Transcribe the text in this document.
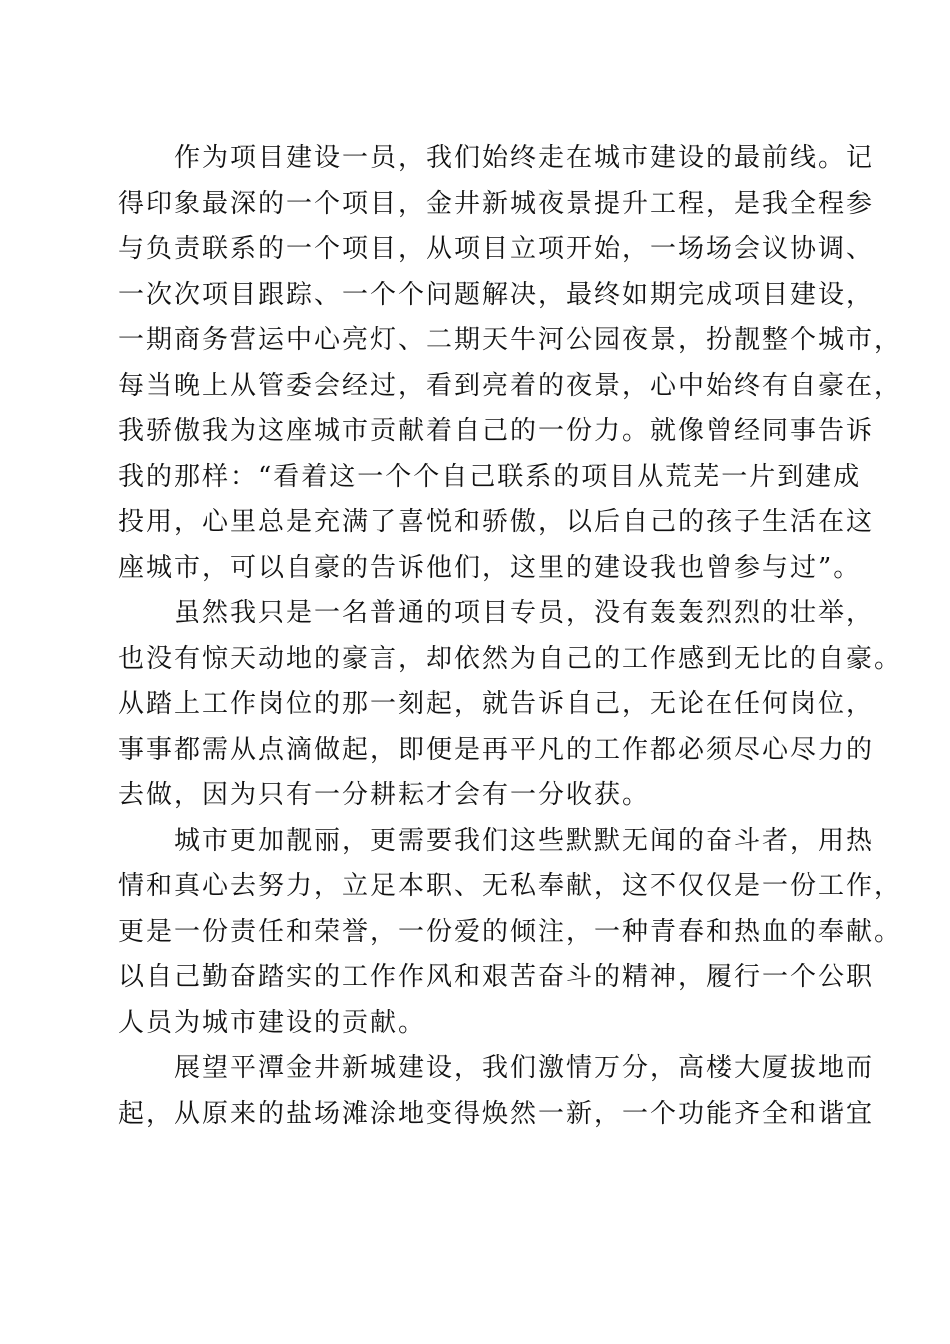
作为项目建设一员，我们始终走在城市建设的最前线。记
得印象最深的一个项目，金井新城夜景提升工程，是我全程参
与负责联系的一个项目，从项目立项开始，一场场会议协调、
一次次项目跟踪、一个个问题解决，最终如期完成项目建设，
一期商务营运中心亮灯、二期天牛河公园夜景，扮靓整个城市，
每当晚上从管委会经过，看到亮着的夜景，心中始终有自豪在，
我骄傲我为这座城市贡献着自己的一份力。就像曾经同事告诉
我的那样：“看着这一个个自己联系的项目从荒芜一片到建成
投用，心里总是充满了喜悦和骄傲，以后自己的孩子生活在这
座城市，可以自豪的告诉他们，这里的建设我也曾参与过”。

虽然我只是一名普通的项目专员，没有轰轰烈烈的壮举，
也没有惊天动地的豪言，却依然为自己的工作感到无比的自豪。
从踏上工作岗位的那一刻起，就告诉自己，无论在任何岗位，
事事都需从点滴做起，即便是再平凡的工作都必须尽心尽力的
去做，因为只有一分耕耘才会有一分收获。

城市更加靓丽，更需要我们这些默默无闻的奋斗者，用热
情和真心去努力，立足本职、无私奉献，这不仅仅是一份工作，
更是一份责任和荣誉，一份爱的倾注，一种青春和热血的奉献。
以自己勤奋踏实的工作作风和艰苦奋斗的精神，履行一个公职
人员为城市建设的贡献。

展望平潭金井新城建设，我们激情万分，高楼大厦拔地而
起，从原来的盐场滩涂地变得焕然一新，一个功能齐全和谐宜
